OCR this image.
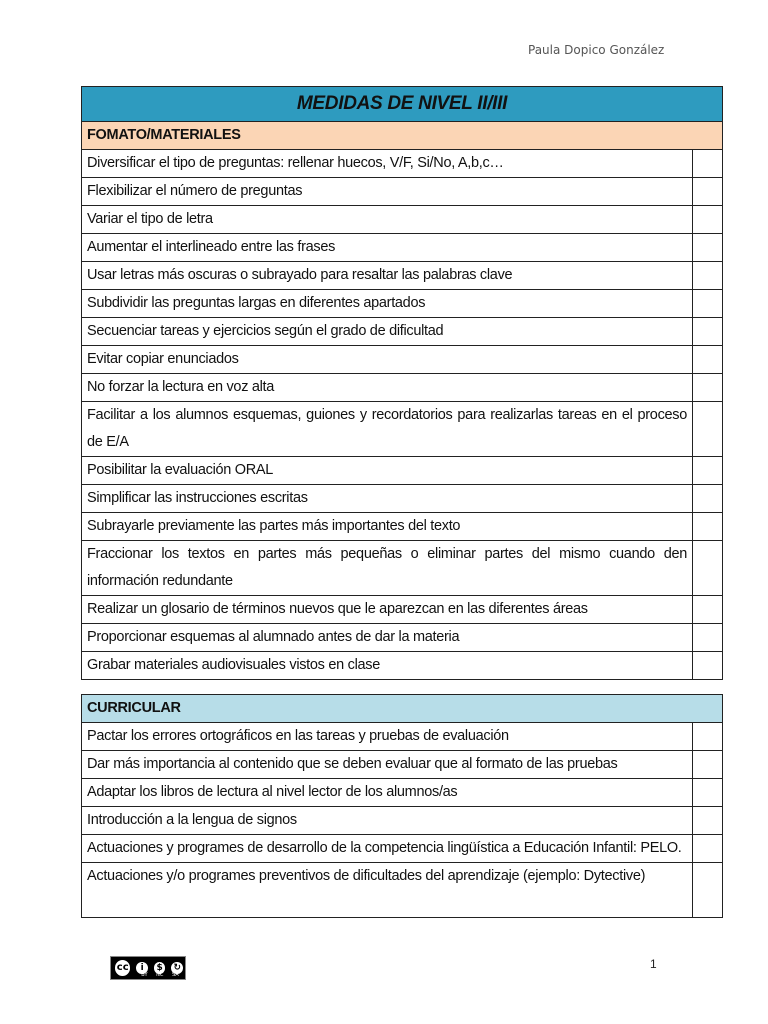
Paula Dopico González
MEDIDAS DE NIVEL II/III	
FOMATO/MATERIALES	
Diversificar el tipo de preguntas: rellenar huecos, V/F, Si/No, A,b,c…	
Flexibilizar el número de preguntas	
Variar el tipo de letra	
Aumentar el interlineado entre las frases	
Usar letras más oscuras o subrayado para resaltar las palabras clave	
Subdividir las preguntas largas en diferentes apartados	
Secuenciar tareas y ejercicios según el grado de dificultad	
Evitar copiar enunciados	
No forzar la lectura en voz alta	
Facilitar a los alumnos esquemas, guiones y recordatorios para realizarlas tareas en el proceso de E/A	
Posibilitar la evaluación ORAL	
Simplificar las instrucciones escritas	
Subrayarle previamente las partes más importantes del texto	
Fraccionar los textos en partes más pequeñas o eliminar partes del mismo cuando den información redundante	
Realizar un glosario de términos nuevos que le aparezcan en las diferentes áreas	
Proporcionar esquemas al alumnado antes de dar la materia	
Grabar materiales audiovisuales vistos en clase	
CURRICULAR	
Pactar los errores ortográficos en las tareas y pruebas de evaluación	
Dar más importancia al contenido que se deben evaluar que al formato de las pruebas	
Adaptar los libros de lectura al nivel lector de los alumnos/as	
Introducción a la lengua de signos	
Actuaciones y programes de desarrollo de la competencia lingüística a Educación Infantil: PELO.	
Actuaciones y/o programes preventivos de dificultades del aprendizaje (ejemplo: Dytective)	
cc	i	$	↻
BY NC SA
1
